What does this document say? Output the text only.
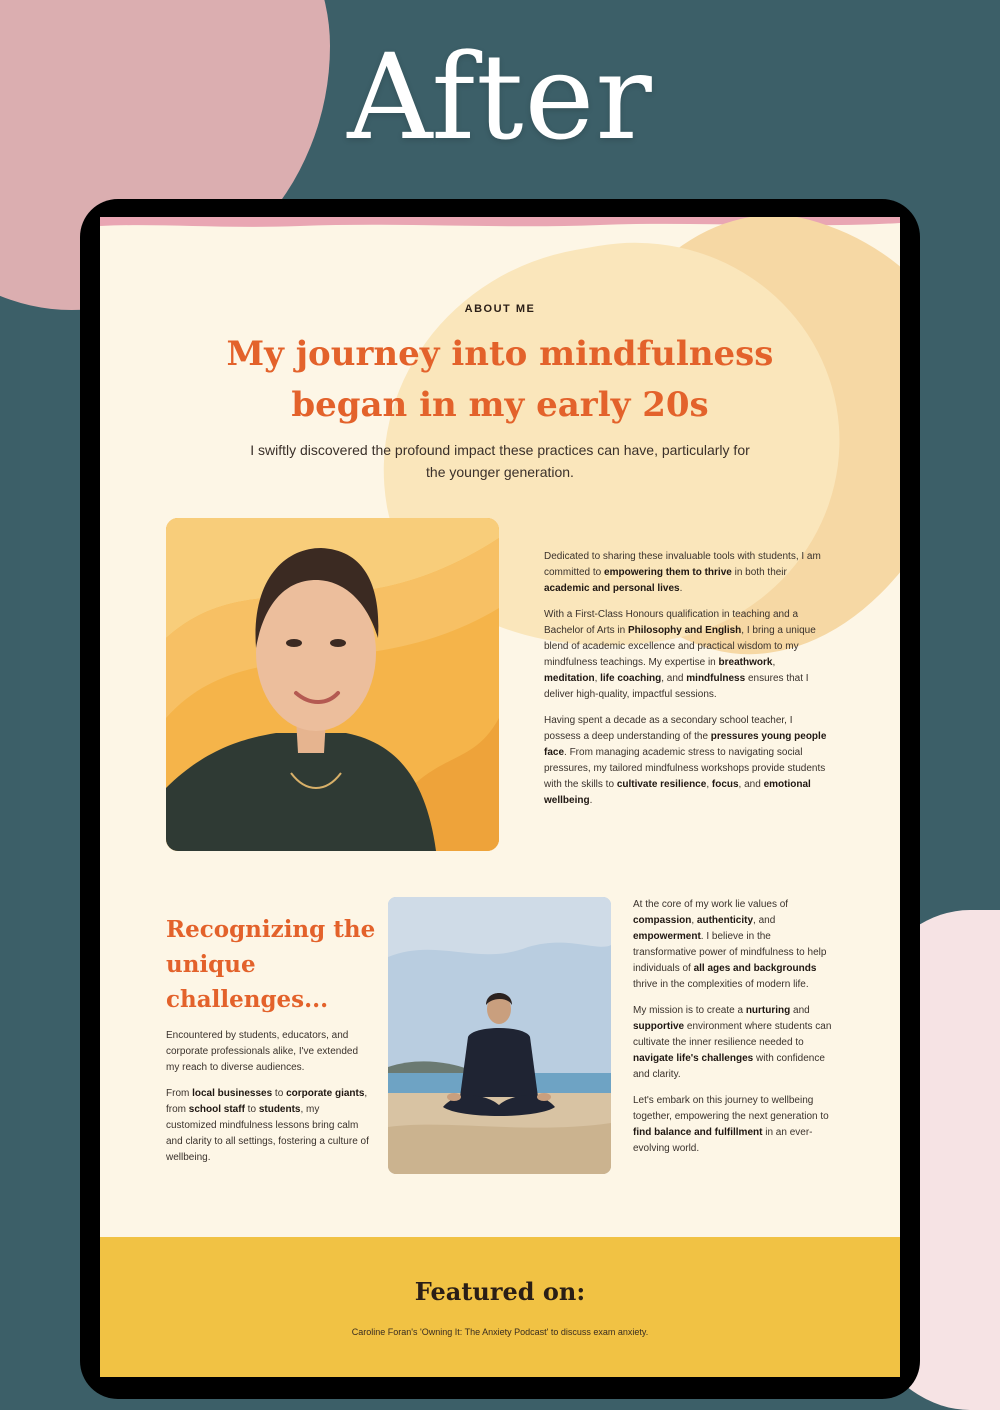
After
ABOUT ME
My journey into mindfulness
began in my early 20s
I swiftly discovered the profound impact these practices can have, particularly for the younger generation.

Dedicated to sharing these invaluable tools with students, I am committed to empowering them to thrive in both their academic and personal lives.

With a First-Class Honours qualification in teaching and a Bachelor of Arts in Philosophy and English, I bring a unique blend of academic excellence and practical wisdom to my mindfulness teachings. My expertise in breathwork, meditation, life coaching, and mindfulness ensures that I deliver high-quality, impactful sessions.

Having spent a decade as a secondary school teacher, I possess a deep understanding of the pressures young people face. From managing academic stress to navigating social pressures, my tailored mindfulness workshops provide students with the skills to cultivate resilience, focus, and emotional wellbeing.

Recognizing the
unique
challenges...

Encountered by students, educators, and corporate professionals alike, I've extended my reach to diverse audiences.

From local businesses to corporate giants, from school staff to students, my customized mindfulness lessons bring calm and clarity to all settings, fostering a culture of wellbeing.

At the core of my work lie values of compassion, authenticity, and empowerment. I believe in the transformative power of mindfulness to help individuals of all ages and backgrounds thrive in the complexities of modern life.

My mission is to create a nurturing and supportive environment where students can cultivate the inner resilience needed to navigate life's challenges with confidence and clarity.

Let's embark on this journey to wellbeing together, empowering the next generation to find balance and fulfillment in an ever-evolving world.

Featured on:
Caroline Foran's 'Owning It: The Anxiety Podcast' to discuss exam anxiety.
